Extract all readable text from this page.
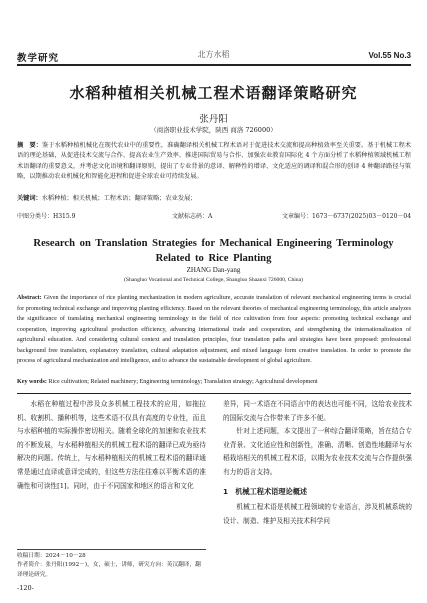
教学研究	北方水稻	Vol.55 No.3
水稻种植相关机械工程术语翻译策略研究
张丹阳
（商洛职业技术学院，陕西 商洛 726000）
摘　要：鉴于水稻种植机械化在现代农业中的重要性，准确翻译相关机械工程术语对于促进技术交流和提高种植效率至关重要。基于机械工程术语的理论基础，从促进技术交流与合作、提高农业生产效率、推进国际贸易与合作、加强农业教育国际化 4 个方面分析了水稻种植领域机械工程术语翻译的重要意义，并考虑文化语境和翻译原则，提出了专业背景的意译、解释性的增译、文化适应的调译和混合形的创译 4 种翻译路径与策略，以期推动农业机械化和智能化进程和促进全球农业可持续发展。
关键词：水稻种植；相关机械；工程术语；翻译策略；农业发展；
中图分类号：H315.9	文献标志码：A	文章编号：1673－6737(2025)03－0120－04
Research on Translation Strategies for Mechanical Engineering Terminology Related to Rice Planting
ZHANG Dan-yang
(Shangluo Vocational and Technical College, Shangluo Shaanxi 726000, China)
Abstract: Given the importance of rice planting mechanization in modern agriculture, accurate translation of relevant mechanical engineering terms is crucial for promoting technical exchange and improving planting efficiency. Based on the relevant theories of mechanical engineering terminology, this article analyzes the significance of translating mechanical engineering terminology in the field of rice cultivation from four aspects: promoting technical exchange and cooperation, improving agricultural production efficiency, advancing international trade and cooperation, and strengthening the internationalization of agricultural education. And considering cultural context and translation principles, four translation paths and strategies have been proposed: professional background free translation, explanatory translation, cultural adaptation adjustment, and mixed language form creative translation. In order to promote the process of agricultural mechanization and intelligence, and to advance the sustainable development of global agriculture.
Key words: Rice cultivation; Related machinery; Engineering terminology; Translation strategy; Agricultural development
水稻在种植过程中涉及众多机械工程技术的应用，如拖拉机、收割机、播种机等，这些术语不仅具有高度的专业性，而且与水稻种植的实际操作密切相关。随着全球化的加速和农业技术的不断发展，与水稻种植相关的机械工程术语的翻译已成为亟待解决的问题。传统上，与水稻种植相关的机械工程术语的翻译通常是通过直译或意译完成的，但这些方法往往难以平衡术语的准确性和可读性[1]。同时，由于不同国家和地区的语言和文化
差异，同一术语在不同语言中的表达也可能不同，这给农业技术的国际交流与合作带来了许多不便。
针对上述问题，本文提出了一种综合翻译策略，旨在结合专业背景、文化适应性和创新性，准确、清晰、创造性地翻译与水稻栽培相关的机械工程术语，以期为农业技术交流与合作提供强有力的语言支持。
1　机械工程术语理论概述
机械工程术语是机械工程领域的专业语言，涉及机械系统的设计、制造、维护及相关技术科学问
收稿日期：2024－10－28
作者简介：张丹阳(1992－)，女，硕士，讲师，研究方向：英汉翻译，翻译理论研究。
-120-
